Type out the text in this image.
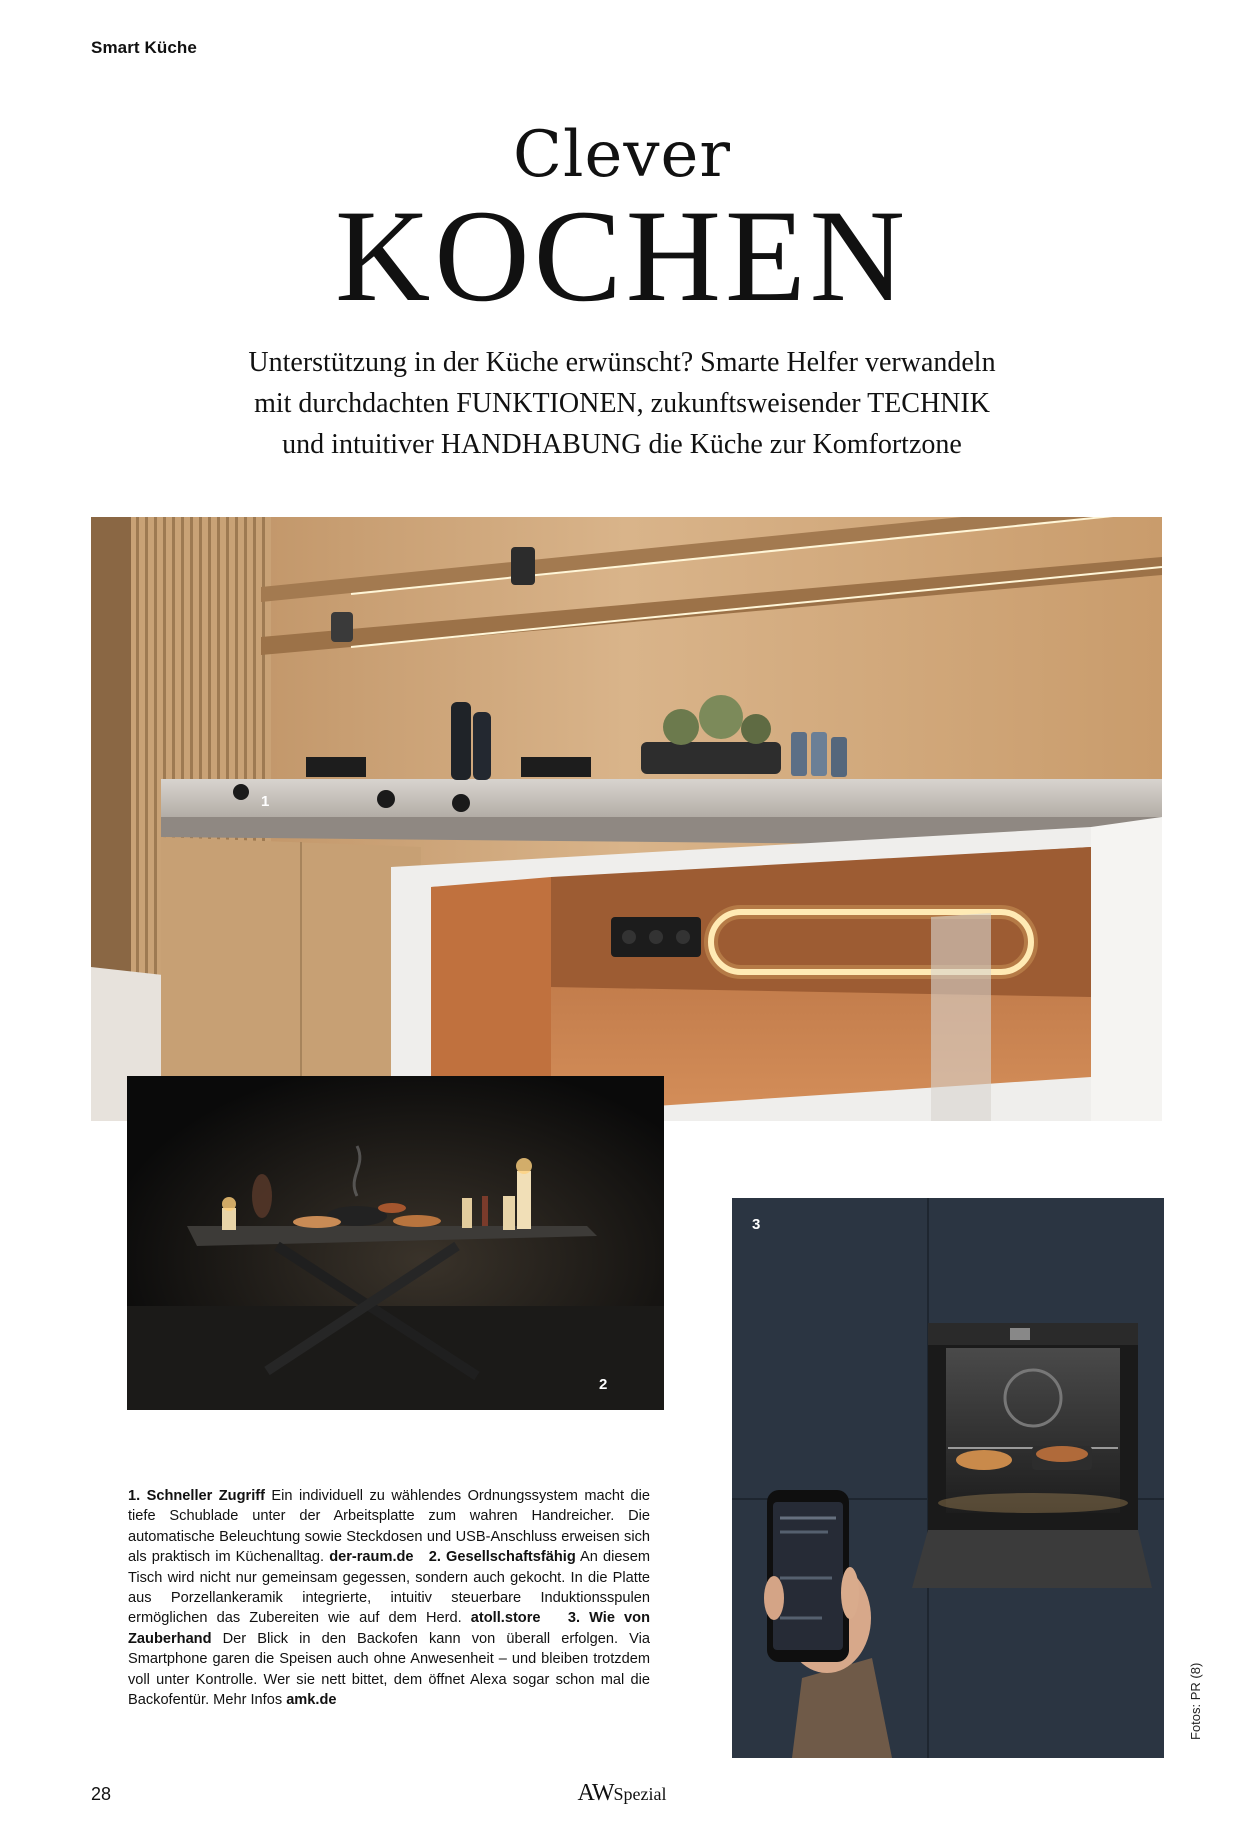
Smart Küche
Clever
KOCHEN

Unterstützung in der Küche erwünscht? Smarte Helfer verwandeln

mit durchdachten FUNKTIONEN, zukunftsweisender TECHNIK

und intuitiver HANDHABUNG die Küche zur Komfortzone

1
2
3
1. Schneller Zugriff Ein individuell zu wählendes Ordnungssystem macht die tiefe Schublade unter der Arbeitsplatte zum wahren Handreicher. Die automatische Beleuchtung sowie Steckdosen und USB-Anschluss erweisen sich als praktisch im Küchenalltag. der-raum.de 2. Gesellschaftsfähig An diesem Tisch wird nicht nur gemeinsam gegessen, sondern auch gekocht. In die Platte aus Porzellankeramik integrierte, intuitiv steuerbare Induktionsspulen ermöglichen das Zubereiten wie auf dem Herd. atoll.store 3. Wie von Zauberhand Der Blick in den Backofen kann von überall erfolgen. Via Smartphone garen die Speisen auch ohne Anwesenheit – und bleiben trotzdem voll unter Kontrolle. Wer sie nett bittet, dem öffnet Alexa sogar schon mal die Backofentür. Mehr Infos amk.de
28	AWSpezial
Fotos: PR (8)
